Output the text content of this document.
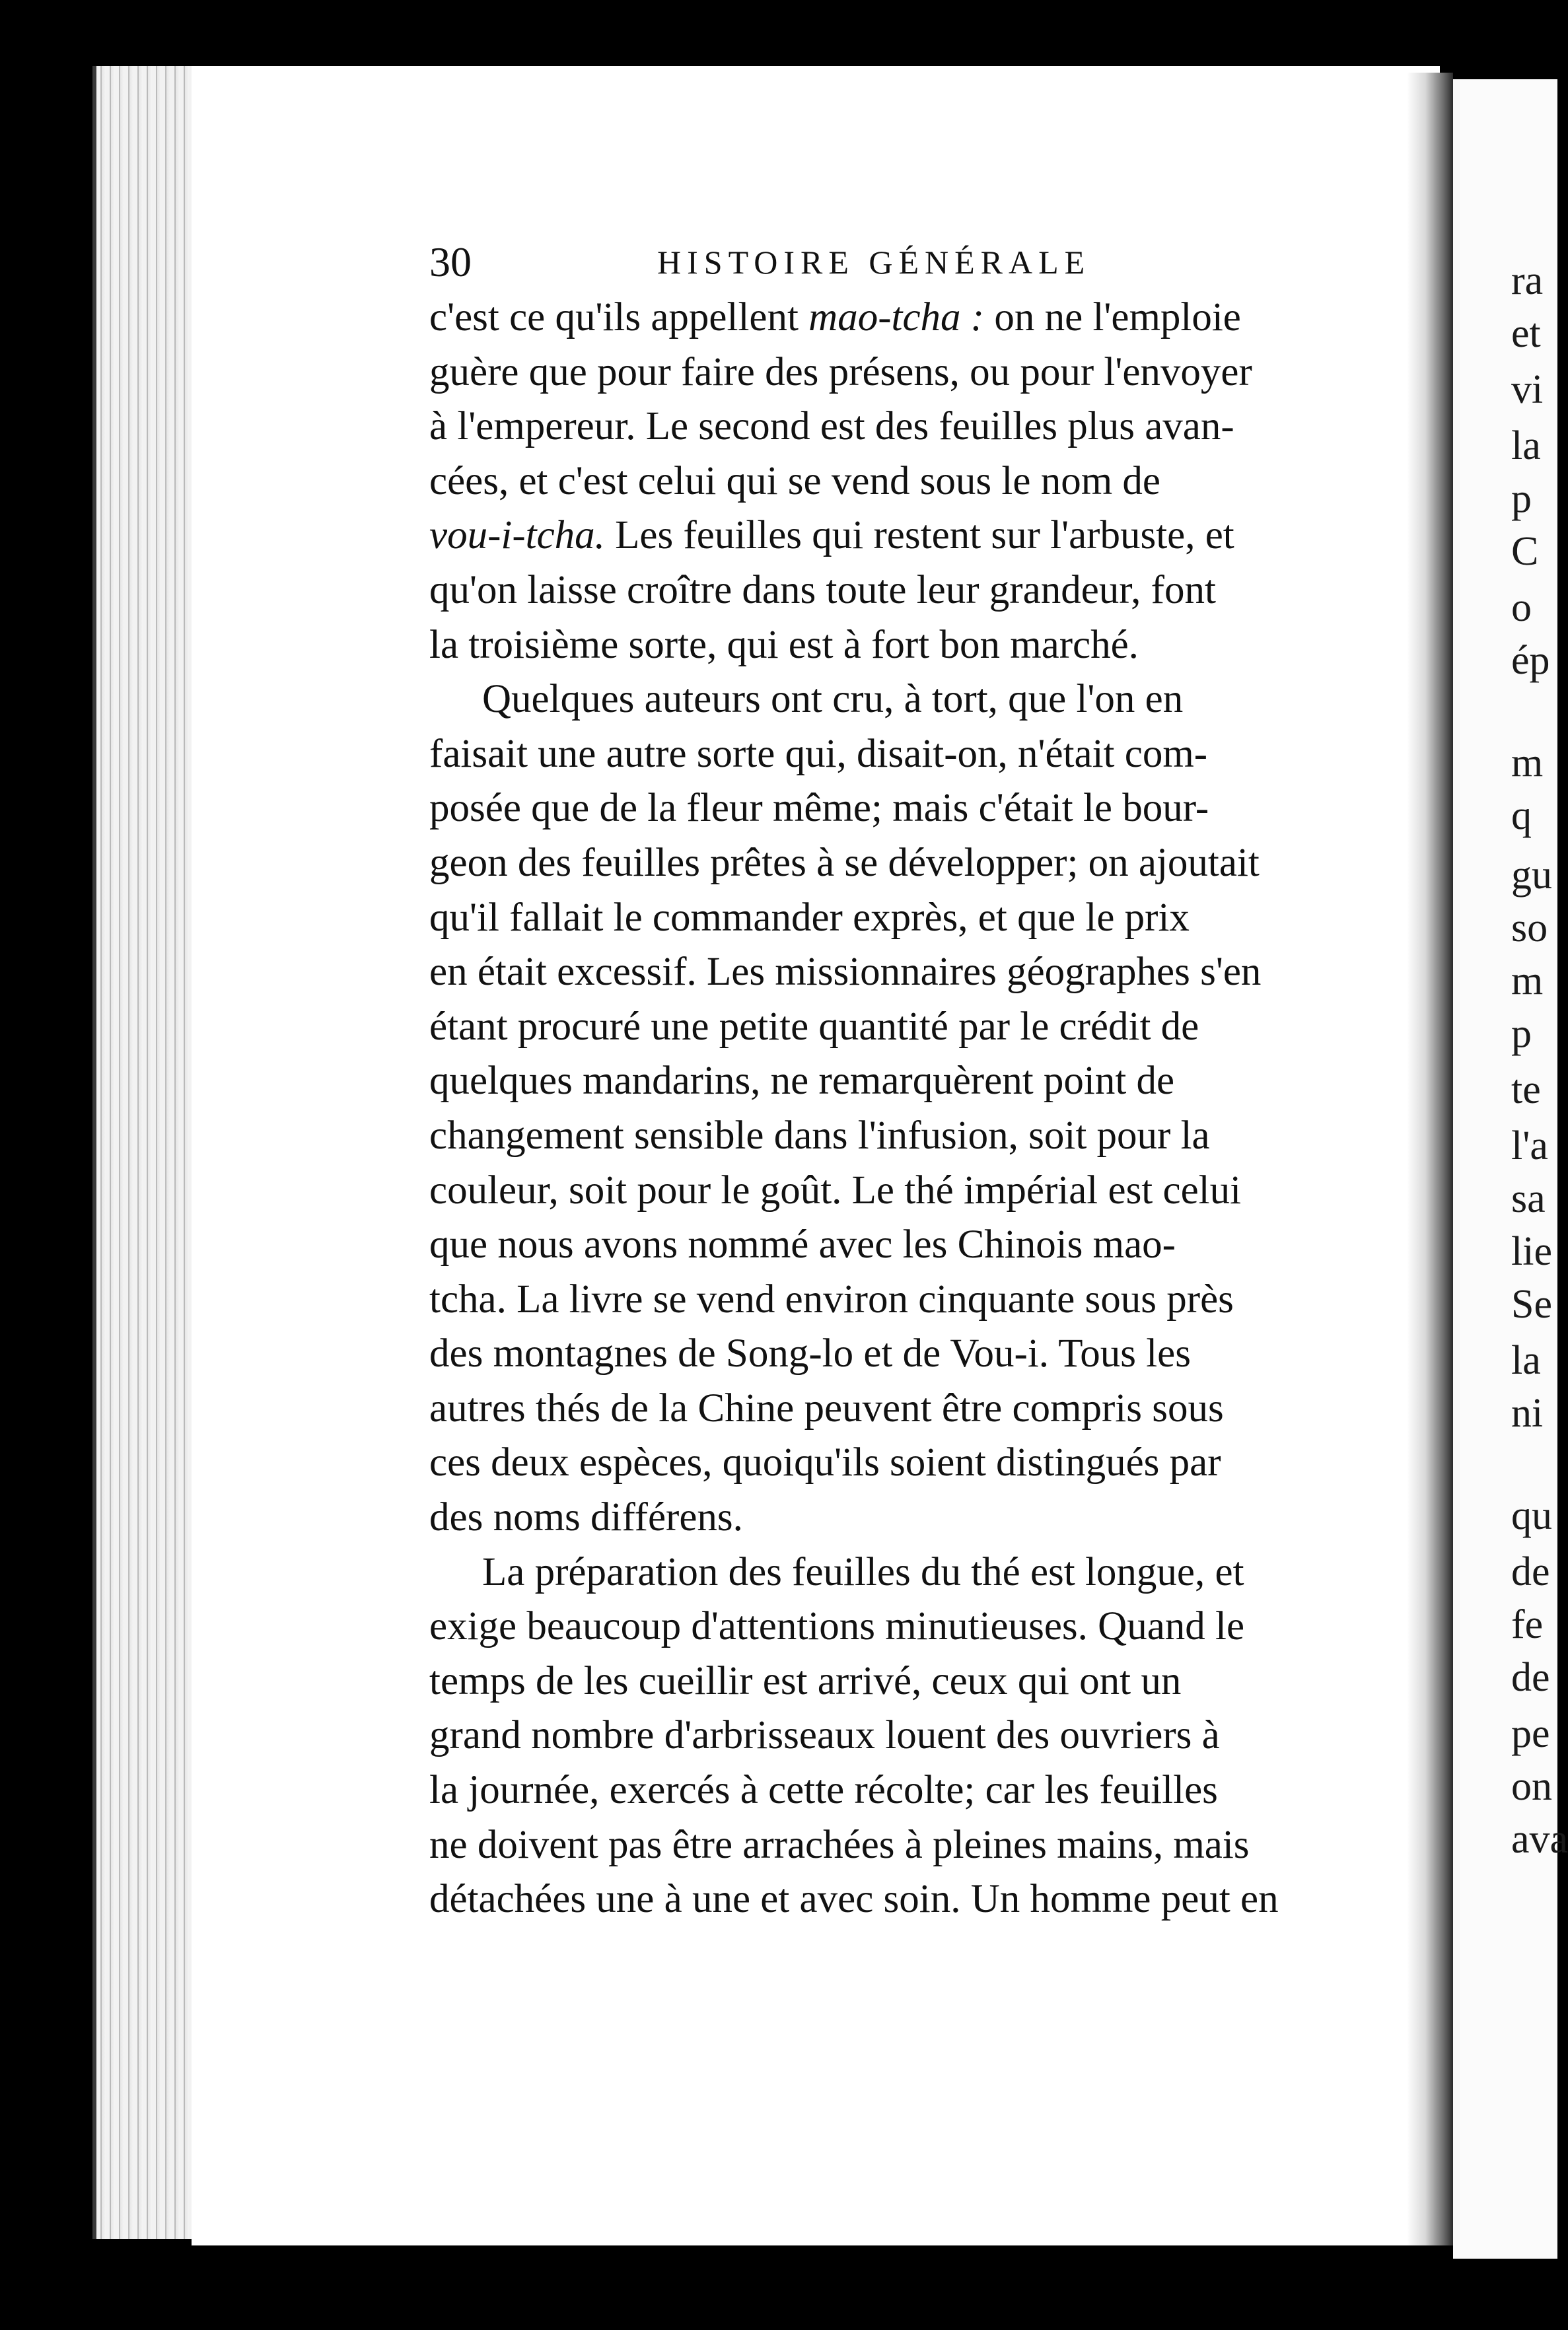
ra
et
vi
la
p
C
o
ép
m
q
gu
so
m
p
te
l'a
sa
lie
Se
la
ni
qu
de
fe
de
pe
on
ava
30	HISTOIRE GÉNÉRALE
c'est ce qu'ils appellent mao-tcha : on ne l'emploie
guère que pour faire des présens, ou pour l'envoyer
à l'empereur. Le second est des feuilles plus avan-
cées, et c'est celui qui se vend sous le nom de
vou-i-tcha. Les feuilles qui restent sur l'arbuste, et
qu'on laisse croître dans toute leur grandeur, font
la troisième sorte, qui est à fort bon marché.
Quelques auteurs ont cru, à tort, que l'on en
faisait une autre sorte qui, disait-on, n'était com-
posée que de la fleur même; mais c'était le bour-
geon des feuilles prêtes à se développer; on ajoutait
qu'il fallait le commander exprès, et que le prix
en était excessif. Les missionnaires géographes s'en
étant procuré une petite quantité par le crédit de
quelques mandarins, ne remarquèrent point de
changement sensible dans l'infusion, soit pour la
couleur, soit pour le goût. Le thé impérial est celui
que nous avons nommé avec les Chinois mao-
tcha. La livre se vend environ cinquante sous près
des montagnes de Song-lo et de Vou-i. Tous les
autres thés de la Chine peuvent être compris sous
ces deux espèces, quoiqu'ils soient distingués par
des noms différens.
La préparation des feuilles du thé est longue, et
exige beaucoup d'attentions minutieuses. Quand le
temps de les cueillir est arrivé, ceux qui ont un
grand nombre d'arbrisseaux louent des ouvriers à
la journée, exercés à cette récolte; car les feuilles
ne doivent pas être arrachées à pleines mains, mais
détachées une à une et avec soin. Un homme peut en
